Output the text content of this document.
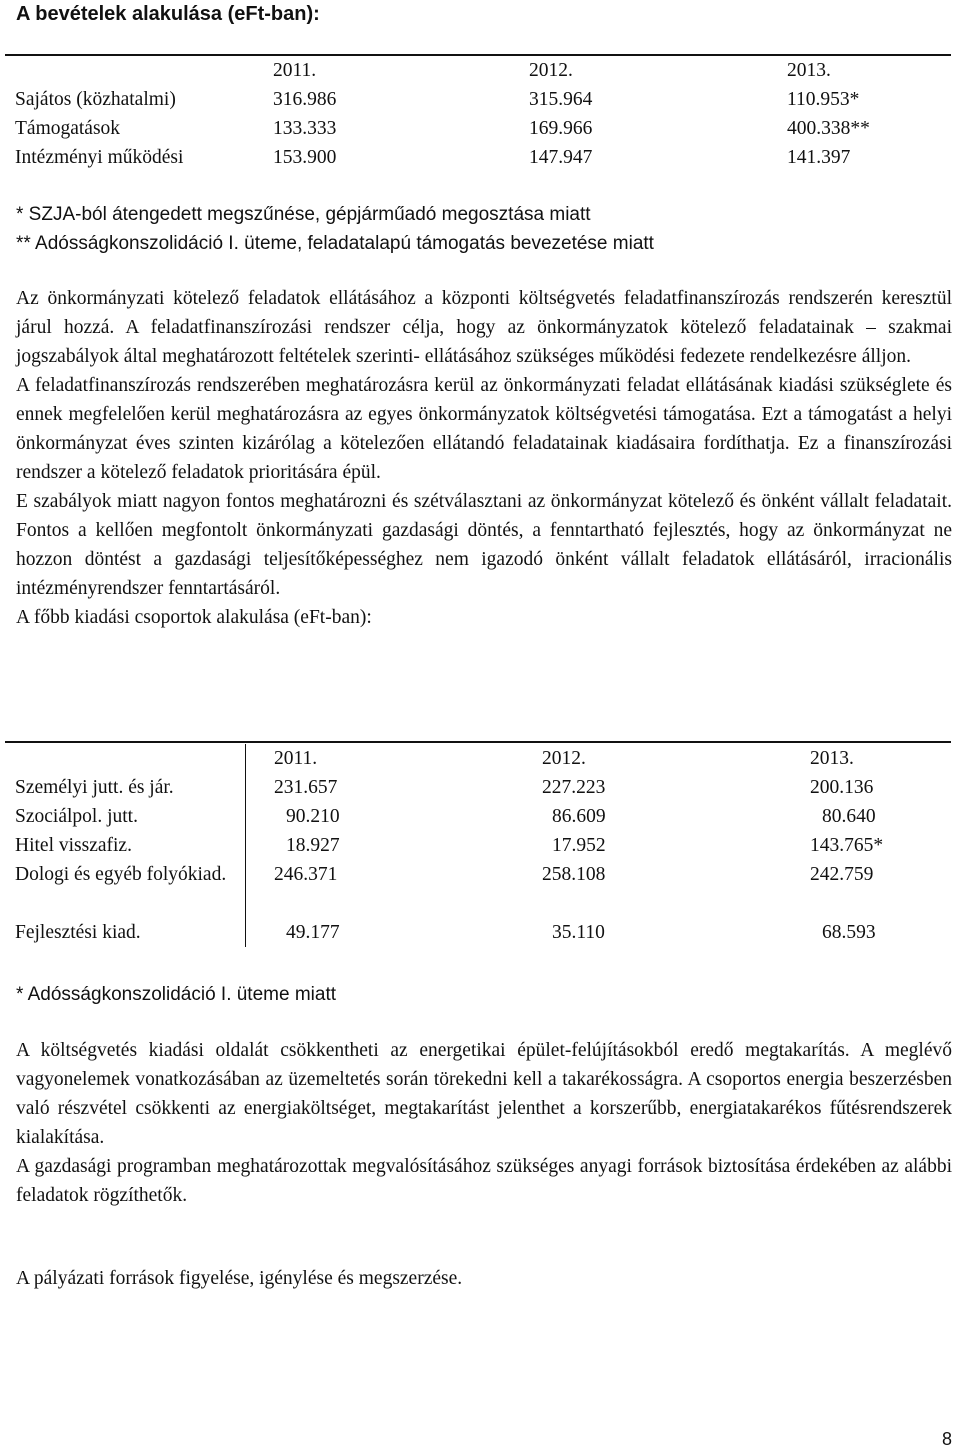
A bevételek alakulása (eFt-ban):
	2011.	2012.	2013.
Sajátos (közhatalmi)	316.986	315.964	110.953*
Támogatások	133.333	169.966	400.338**
Intézményi működési	153.900	147.947	141.397

* SZJA-ból átengedett megszűnése, gépjárműadó megosztása miatt

** Adósságkonszolidáció I. üteme, feladatalapú támogatás bevezetése miatt

Az önkormányzati kötelező feladatok ellátásához a központi költségvetés feladatfinanszírozás rendszerén keresztül járul hozzá. A feladatfinanszírozási rendszer célja, hogy az önkormányzatok kötelező feladatainak – szakmai jogszabályok által meghatározott feltételek szerinti- ellátásához szükséges működési fedezete rendelkezésre álljon.

A feladatfinanszírozás rendszerében meghatározásra kerül az önkormányzati feladat ellátásának kiadási szükséglete és ennek megfelelően kerül meghatározásra az egyes önkormányzatok költségvetési támogatása. Ezt a támogatást a helyi önkormányzat éves szinten kizárólag a kötelezően ellátandó feladatainak kiadásaira fordíthatja. Ez a finanszírozási rendszer a kötelező feladatok prioritására épül.

E szabályok miatt nagyon fontos meghatározni és szétválasztani az önkormányzat kötelező és önként vállalt feladatait. Fontos a kellően megfontolt önkormányzati gazdasági döntés, a fenntartható fejlesztés, hogy az önkormányzat ne hozzon döntést a gazdasági teljesítőképességhez nem igazodó önként vállalt feladatok ellátásáról, irracionális intézményrendszer fenntartásáról.

A főbb kiadási csoportok alakulása (eFt-ban):

	2011.	2012.	2013.
Személyi jutt. és jár.	231.657	227.223	200.136
Szociálpol. jutt.	90.210	86.609	80.640
Hitel visszafiz.	18.927	17.952	143.765*
Dologi és egyéb folyókiad.	246.371	258.108	242.759
Fejlesztési kiad.	49.177	35.110	68.593
* Adósságkonszolidáció I. üteme miatt

A költségvetés kiadási oldalát csökkentheti az energetikai épület-felújításokból eredő megtakarítás. A meglévő vagyonelemek vonatkozásában az üzemeltetés során törekedni kell a takarékosságra. A csoportos energia beszerzésben való részvétel csökkenti az energiaköltséget, megtakarítást jelenthet a korszerűbb, energiatakarékos fűtésrendszerek kialakítása.

A gazdasági programban meghatározottak megvalósításához szükséges anyagi források biztosítása érdekében az alábbi feladatok rögzíthetők.

A pályázati források figyelése, igénylése és megszerzése.
8
